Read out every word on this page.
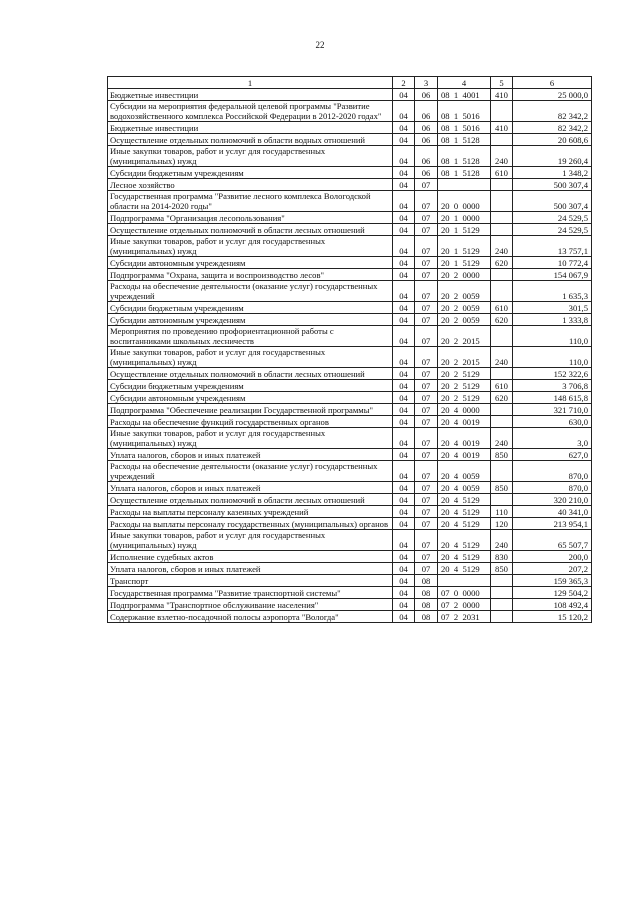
22
1	2	3	4	5	6
Бюджетные инвестиции	04	06	08  1  4001	410	25 000,0
Субсидии на мероприятия федеральной целевой программы "Развитие водохозяйственного комплекса Российской Федерации в 2012-2020 годах"	04	06	08  1  5016		82 342,2
Бюджетные инвестиции	04	06	08  1  5016	410	82 342,2
Осуществление отдельных полномочий в области водных отношений	04	06	08  1  5128		20 608,6
Иные закупки товаров, работ и услуг для государственных (муниципальных) нужд	04	06	08  1  5128	240	19 260,4
Субсидии бюджетным учреждениям	04	06	08  1  5128	610	1 348,2
Лесное хозяйство	04	07			500 307,4
Государственная программа "Развитие лесного комплекса Вологодской области на 2014-2020 годы"	04	07	20  0  0000		500 307,4
Подпрограмма "Организация лесопользования"	04	07	20  1  0000		24 529,5
Осуществление отдельных полномочий в области лесных отношений	04	07	20  1  5129		24 529,5
Иные закупки товаров, работ и услуг для государственных (муниципальных) нужд	04	07	20  1  5129	240	13 757,1
Субсидии автономным учреждениям	04	07	20  1  5129	620	10 772,4
Подпрограмма "Охрана, защита и воспроизводство лесов"	04	07	20  2  0000		154 067,9
Расходы на обеспечение деятельности (оказание услуг) государственных учреждений	04	07	20  2  0059		1 635,3
Субсидии бюджетным учреждениям	04	07	20  2  0059	610	301,5
Субсидии автономным учреждениям	04	07	20  2  0059	620	1 333,8
Мероприятия по проведению профориентационной работы с воспитанниками школьных лесничеств	04	07	20  2  2015		110,0
Иные закупки товаров, работ и услуг для государственных (муниципальных) нужд	04	07	20  2  2015	240	110,0
Осуществление отдельных полномочий в области лесных отношений	04	07	20  2  5129		152 322,6
Субсидии бюджетным учреждениям	04	07	20  2  5129	610	3 706,8
Субсидии автономным учреждениям	04	07	20  2  5129	620	148 615,8
Подпрограмма "Обеспечение реализации Государственной программы"	04	07	20  4  0000		321 710,0
Расходы на обеспечение функций государственных органов	04	07	20  4  0019		630,0
Иные закупки товаров, работ и услуг для государственных (муниципальных) нужд	04	07	20  4  0019	240	3,0
Уплата налогов, сборов и иных платежей	04	07	20  4  0019	850	627,0
Расходы на обеспечение деятельности (оказание услуг) государственных учреждений	04	07	20  4  0059		870,0
Уплата налогов, сборов и иных платежей	04	07	20  4  0059	850	870,0
Осуществление отдельных полномочий в области лесных отношений	04	07	20  4  5129		320 210,0
Расходы на выплаты персоналу казенных учреждений	04	07	20  4  5129	110	40 341,0
Расходы на выплаты персоналу государственных (муниципальных) органов	04	07	20  4  5129	120	213 954,1
Иные закупки товаров, работ и услуг для государственных (муниципальных) нужд	04	07	20  4  5129	240	65 507,7
Исполнение судебных актов	04	07	20  4  5129	830	200,0
Уплата налогов, сборов и иных платежей	04	07	20  4  5129	850	207,2
Транспорт	04	08			159 365,3
Государственная программа "Развитие транспортной системы"	04	08	07  0  0000		129 504,2
Подпрограмма "Транспортное обслуживание населения"	04	08	07  2  0000		108 492,4
Содержание взлетно-посадочной полосы аэропорта "Вологда"	04	08	07  2  2031		15 120,2
